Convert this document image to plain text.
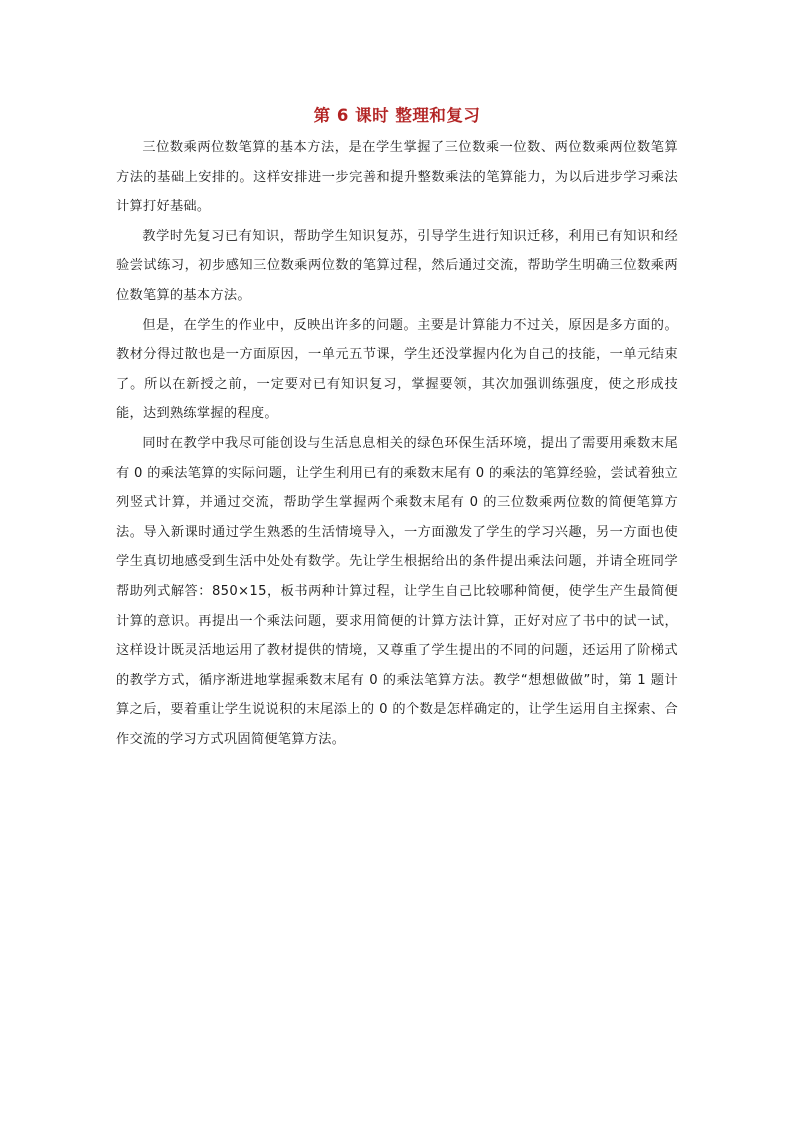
第 6 课时 整理和复习

三位数乘两位数笔算的基本方法，是在学生掌握了三位数乘一位数、两位数乘两位数笔算方法的基础上安排的。这样安排进一步完善和提升整数乘法的笔算能力，为以后进步学习乘法计算打好基础。

教学时先复习已有知识，帮助学生知识复苏，引导学生进行知识迁移，利用已有知识和经验尝试练习，初步感知三位数乘两位数的笔算过程，然后通过交流，帮助学生明确三位数乘两位数笔算的基本方法。

但是，在学生的作业中，反映出许多的问题。主要是计算能力不过关，原因是多方面的。教材分得过散也是一方面原因，一单元五节课，学生还没掌握内化为自己的技能，一单元结束了。所以在新授之前，一定要对已有知识复习，掌握要领，其次加强训练强度，使之形成技能，达到熟练掌握的程度。

同时在教学中我尽可能创设与生活息息相关的绿色环保生活环境，提出了需要用乘数末尾有 0 的乘法笔算的实际问题，让学生利用已有的乘数末尾有 0 的乘法的笔算经验，尝试着独立列竖式计算，并通过交流，帮助学生掌握两个乘数末尾有 0 的三位数乘两位数的简便笔算方法。导入新课时通过学生熟悉的生活情境导入，一方面激发了学生的学习兴趣，另一方面也使学生真切地感受到生活中处处有数学。先让学生根据给出的条件提出乘法问题，并请全班同学帮助列式解答：850×15，板书两种计算过程，让学生自己比较哪种简便，使学生产生最简便计算的意识。再提出一个乘法问题，要求用简便的计算方法计算，正好对应了书中的试一试，这样设计既灵活地运用了教材提供的情境，又尊重了学生提出的不同的问题，还运用了阶梯式的教学方式，循序渐进地掌握乘数末尾有 0 的乘法笔算方法。教学“想想做做”时，第 1 题计算之后，要着重让学生说说积的末尾添上的 0 的个数是怎样确定的，让学生运用自主探索、合作交流的学习方式巩固简便笔算方法。
